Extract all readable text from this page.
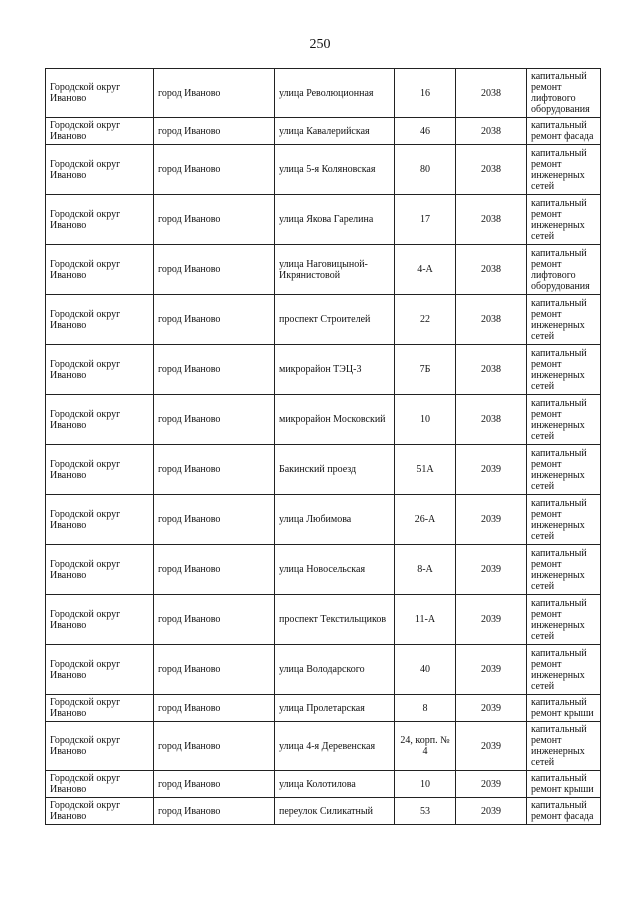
250
Городской округ Иваново	город Иваново	улица Революционная	16	2038	капитальный ремонт лифтового оборудования
Городской округ Иваново	город Иваново	улица Кавалерийская	46	2038	капитальный ремонт фасада
Городской округ Иваново	город Иваново	улица 5-я Коляновская	80	2038	капитальный ремонт инженерных сетей
Городской округ Иваново	город Иваново	улица Якова Гарелина	17	2038	капитальный ремонт инженерных сетей
Городской округ Иваново	город Иваново	улица Наговицыной-Икрянистовой	4-А	2038	капитальный ремонт лифтового оборудования
Городской округ Иваново	город Иваново	проспект Строителей	22	2038	капитальный ремонт инженерных сетей
Городской округ Иваново	город Иваново	микрорайон ТЭЦ-3	7Б	2038	капитальный ремонт инженерных сетей
Городской округ Иваново	город Иваново	микрорайон Московский	10	2038	капитальный ремонт инженерных сетей
Городской округ Иваново	город Иваново	Бакинский проезд	51А	2039	капитальный ремонт инженерных сетей
Городской округ Иваново	город Иваново	улица Любимова	26-А	2039	капитальный ремонт инженерных сетей
Городской округ Иваново	город Иваново	улица Новосельская	8-А	2039	капитальный ремонт инженерных сетей
Городской округ Иваново	город Иваново	проспект Текстильщиков	11-А	2039	капитальный ремонт инженерных сетей
Городской округ Иваново	город Иваново	улица Володарского	40	2039	капитальный ремонт инженерных сетей
Городской округ Иваново	город Иваново	улица Пролетарская	8	2039	капитальный ремонт крыши
Городской округ Иваново	город Иваново	улица 4-я Деревенская	24, корп. № 4	2039	капитальный ремонт инженерных сетей
Городской округ Иваново	город Иваново	улица Колотилова	10	2039	капитальный ремонт крыши
Городской округ Иваново	город Иваново	переулок Силикатный	53	2039	капитальный ремонт фасада
